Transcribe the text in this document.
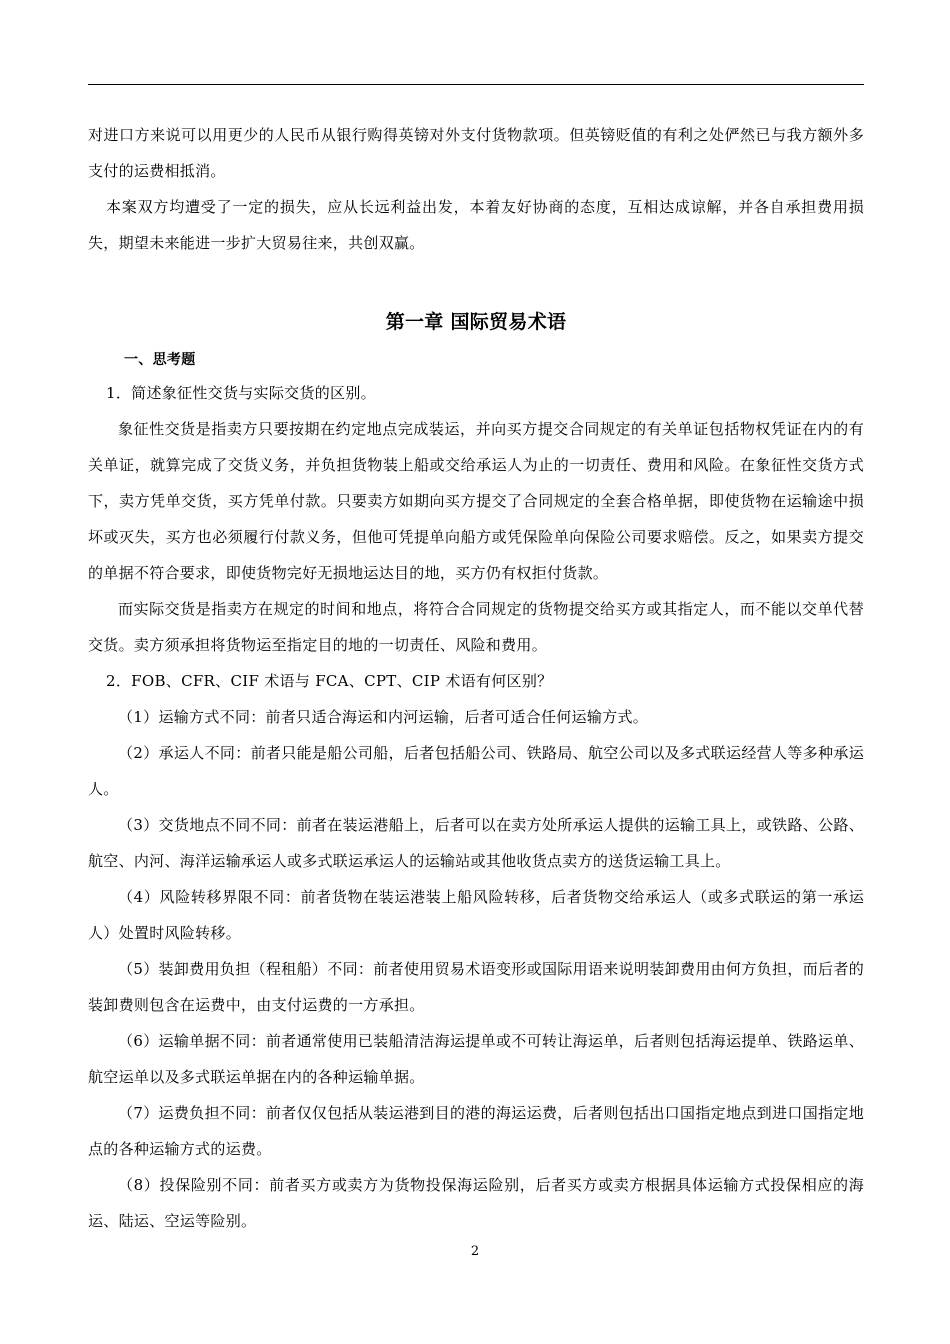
对进口方来说可以用更少的人民币从银行购得英镑对外支付货物款项。但英镑贬值的有利之处俨然已与我方额外多支付的运费相抵消。

本案双方均遭受了一定的损失，应从长远利益出发，本着友好协商的态度，互相达成谅解，并各自承担费用损失，期望未来能进一步扩大贸易往来，共创双赢。

第一章 国际贸易术语
一、思考题

1．简述象征性交货与实际交货的区别。

象征性交货是指卖方只要按期在约定地点完成装运，并向买方提交合同规定的有关单证包括物权凭证在内的有关单证，就算完成了交货义务，并负担货物装上船或交给承运人为止的一切责任、费用和风险。在象征性交货方式下，卖方凭单交货，买方凭单付款。只要卖方如期向买方提交了合同规定的全套合格单据，即使货物在运输途中损坏或灭失，买方也必须履行付款义务，但他可凭提单向船方或凭保险单向保险公司要求赔偿。反之，如果卖方提交的单据不符合要求，即使货物完好无损地运达目的地，买方仍有权拒付货款。

而实际交货是指卖方在规定的时间和地点，将符合合同规定的货物提交给买方或其指定人，而不能以交单代替交货。卖方须承担将货物运至指定目的地的一切责任、风险和费用。

2．FOB、CFR、CIF 术语与 FCA、CPT、CIP 术语有何区别？

（1）运输方式不同：前者只适合海运和内河运输，后者可适合任何运输方式。

（2）承运人不同：前者只能是船公司船，后者包括船公司、铁路局、航空公司以及多式联运经营人等多种承运人。

（3）交货地点不同不同：前者在装运港船上，后者可以在卖方处所承运人提供的运输工具上，或铁路、公路、航空、内河、海洋运输承运人或多式联运承运人的运输站或其他收货点卖方的送货运输工具上。

（4）风险转移界限不同：前者货物在装运港装上船风险转移，后者货物交给承运人（或多式联运的第一承运人）处置时风险转移。

（5）装卸费用负担（程租船）不同：前者使用贸易术语变形或国际用语来说明装卸费用由何方负担，而后者的装卸费则包含在运费中，由支付运费的一方承担。

（6）运输单据不同：前者通常使用已装船清洁海运提单或不可转让海运单，后者则包括海运提单、铁路运单、航空运单以及多式联运单据在内的各种运输单据。

（7）运费负担不同：前者仅仅包括从装运港到目的港的海运运费，后者则包括出口国指定地点到进口国指定地点的各种运输方式的运费。

（8）投保险别不同：前者买方或卖方为货物投保海运险别，后者买方或卖方根据具体运输方式投保相应的海运、陆运、空运等险别。

2
